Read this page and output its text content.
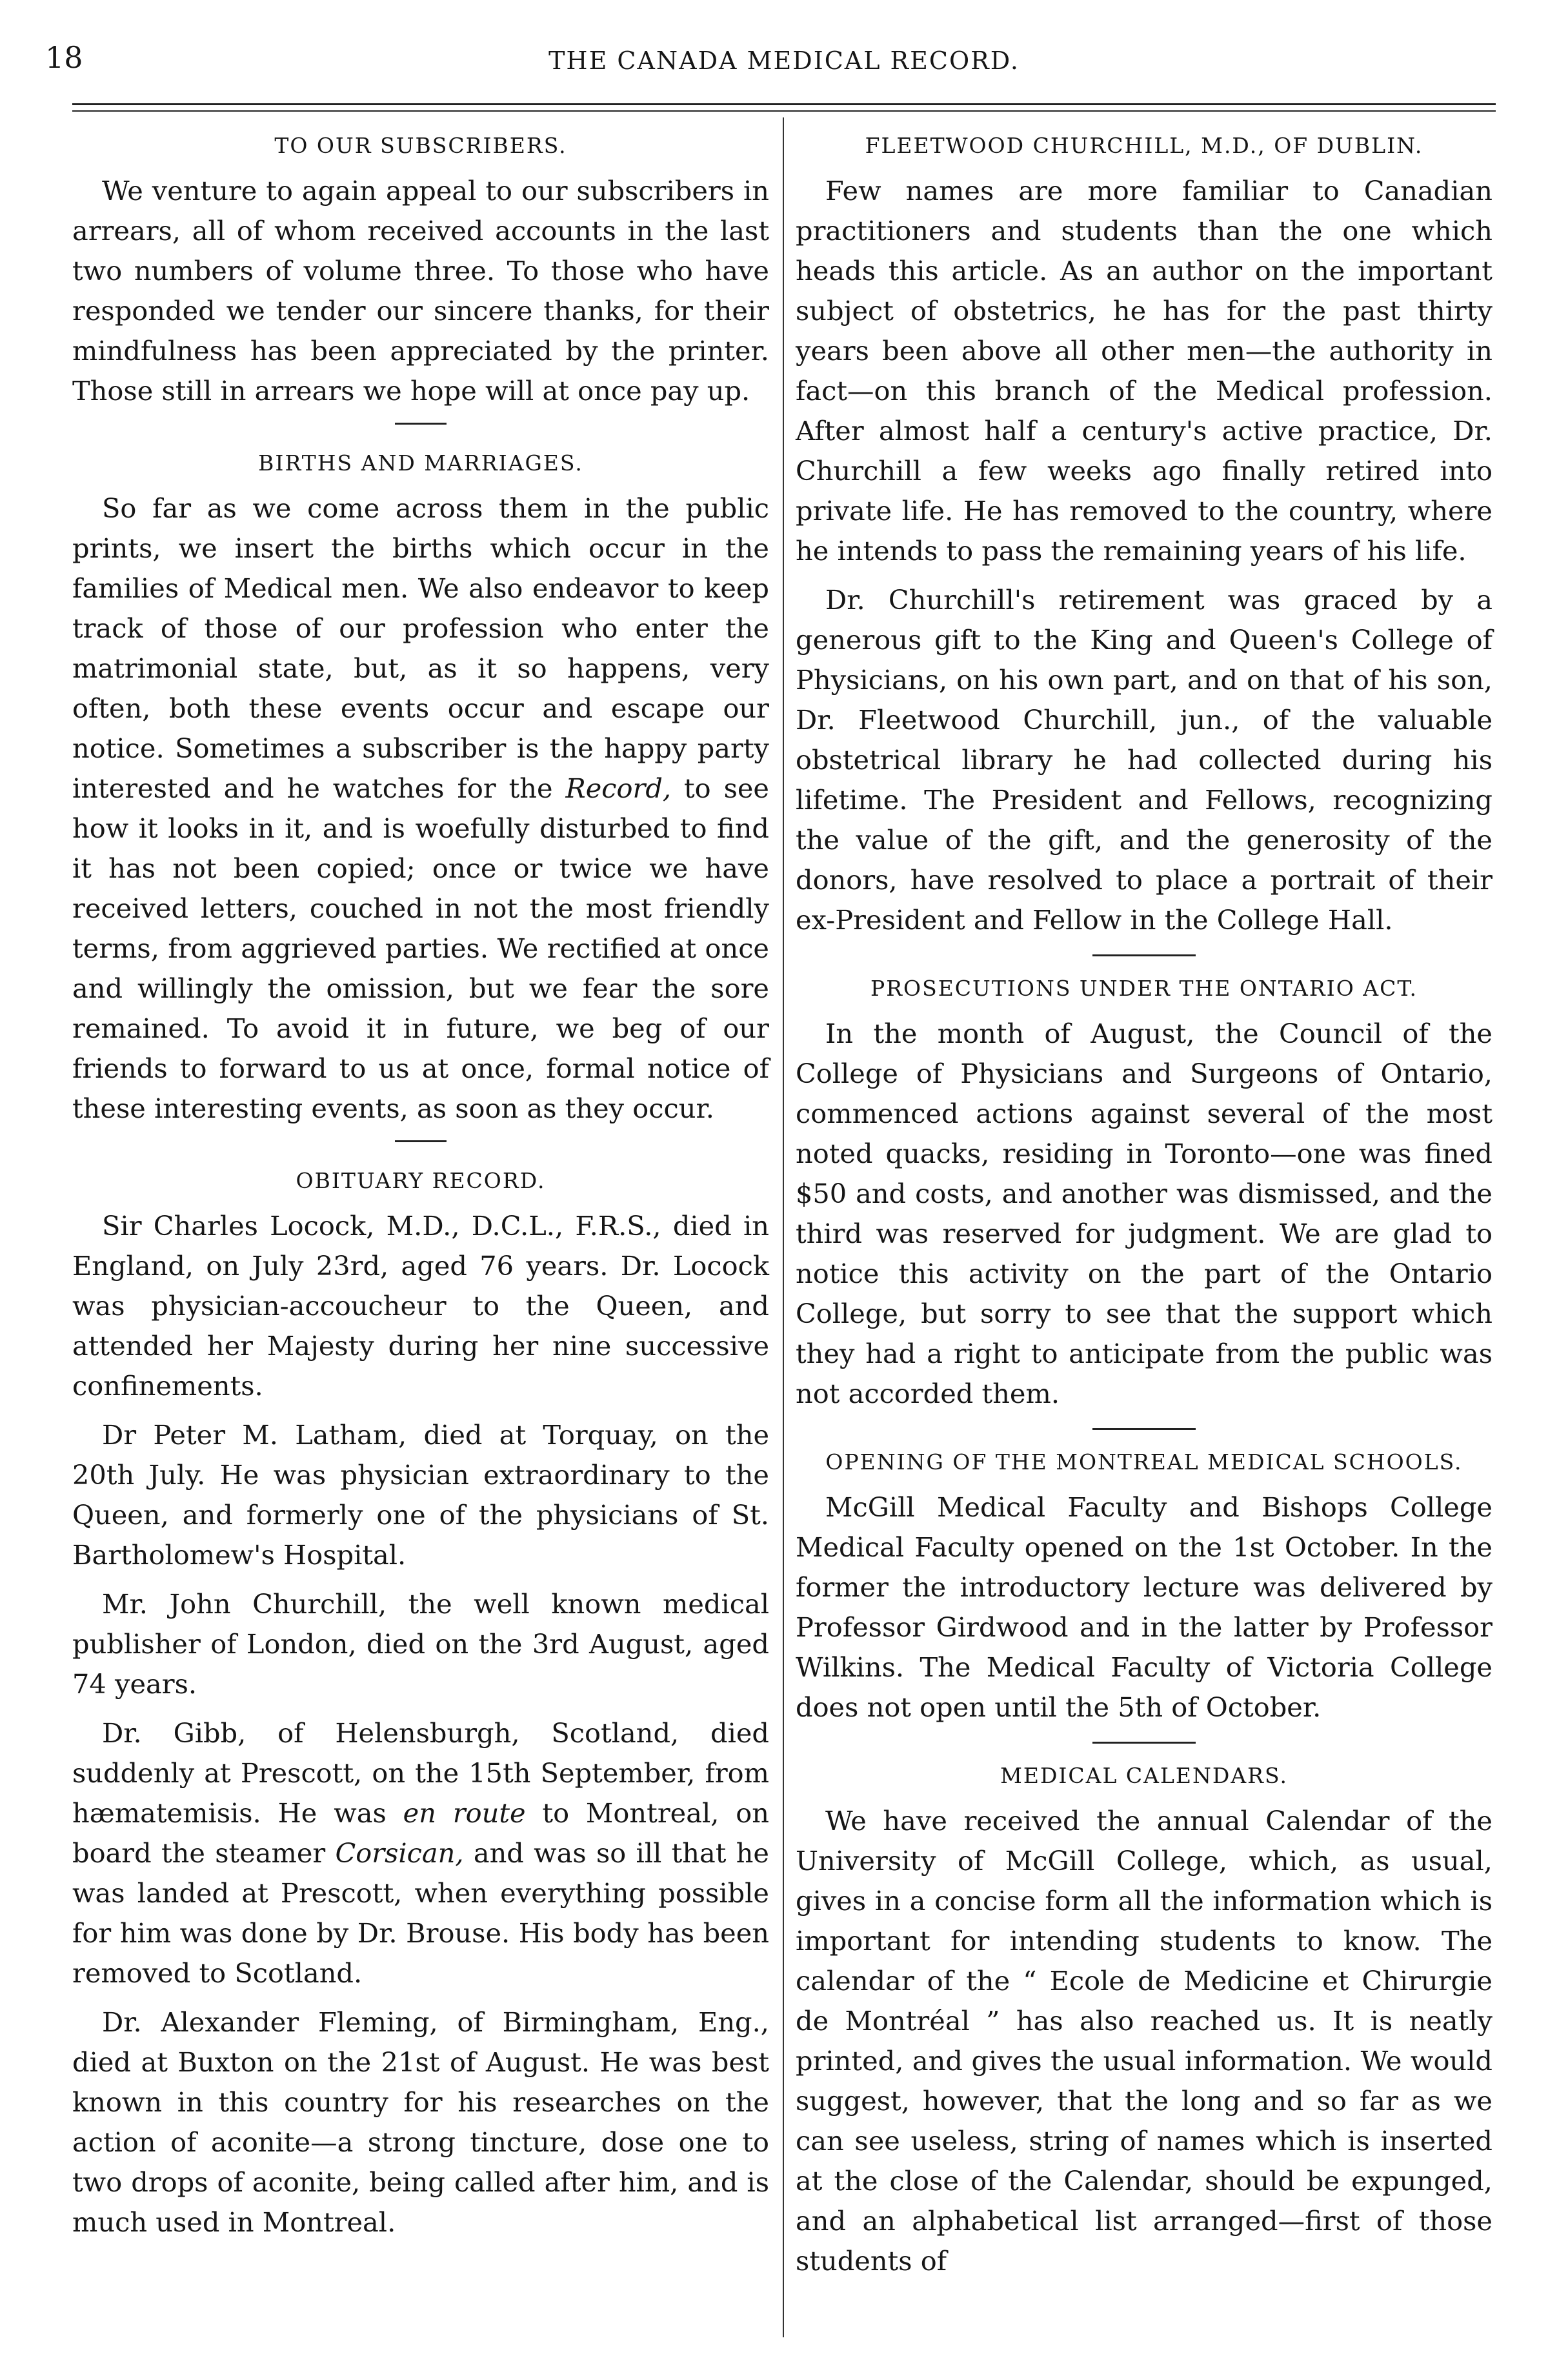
18	THE CANADA MEDICAL RECORD.
TO OUR SUBSCRIBERS.

We venture to again appeal to our subscribers in arrears, all of whom received accounts in the last two numbers of volume three. To those who have responded we tender our sincere thanks, for their mindfulness has been appreciated by the printer. Those still in arrears we hope will at once pay up.

BIRTHS AND MARRIAGES.

So far as we come across them in the public prints, we insert the births which occur in the families of Medical men. We also endeavor to keep track of those of our profession who enter the matrimonial state, but, as it so happens, very often, both these events occur and escape our notice. Sometimes a subscriber is the happy party interested and he watches for the Record, to see how it looks in it, and is woefully disturbed to find it has not been copied; once or twice we have received letters, couched in not the most friendly terms, from aggrieved parties. We rectified at once and willingly the omission, but we fear the sore remained. To avoid it in future, we beg of our friends to forward to us at once, formal notice of these interesting events, as soon as they occur.

OBITUARY RECORD.

Sir Charles Locock, M.D., D.C.L., F.R.S., died in England, on July 23rd, aged 76 years. Dr. Locock was physician-accoucheur to the Queen, and attended her Majesty during her nine successive confinements.

Dr Peter M. Latham, died at Torquay, on the 20th July. He was physician extraordinary to the Queen, and formerly one of the physicians of St. Bartholomew's Hospital.

Mr. John Churchill, the well known medical publisher of London, died on the 3rd August, aged 74 years.

Dr. Gibb, of Helensburgh, Scotland, died suddenly at Prescott, on the 15th September, from hæmatemisis. He was en route to Montreal, on board the steamer Corsican, and was so ill that he was landed at Prescott, when everything possible for him was done by Dr. Brouse. His body has been removed to Scotland.

Dr. Alexander Fleming, of Birmingham, Eng., died at Buxton on the 21st of August. He was best known in this country for his researches on the action of aconite—a strong tincture, dose one to two drops of aconite, being called after him, and is much used in Montreal.

FLEETWOOD CHURCHILL, M.D., OF DUBLIN.

Few names are more familiar to Canadian practitioners and students than the one which heads this article. As an author on the important subject of obstetrics, he has for the past thirty years been above all other men—the authority in fact—on this branch of the Medical profession. After almost half a century's active practice, Dr. Churchill a few weeks ago finally retired into private life. He has removed to the country, where he intends to pass the remaining years of his life.

Dr. Churchill's retirement was graced by a generous gift to the King and Queen's College of Physicians, on his own part, and on that of his son, Dr. Fleetwood Churchill, jun., of the valuable obstetrical library he had collected during his lifetime. The President and Fellows, recognizing the value of the gift, and the generosity of the donors, have resolved to place a portrait of their ex-President and Fellow in the College Hall.

PROSECUTIONS UNDER THE ONTARIO ACT.

In the month of August, the Council of the College of Physicians and Surgeons of Ontario, commenced actions against several of the most noted quacks, residing in Toronto—one was fined $50 and costs, and another was dismissed, and the third was reserved for judgment. We are glad to notice this activity on the part of the Ontario College, but sorry to see that the support which they had a right to anticipate from the public was not accorded them.

OPENING OF THE MONTREAL MEDICAL SCHOOLS.

McGill Medical Faculty and Bishops College Medical Faculty opened on the 1st October. In the former the introductory lecture was delivered by Professor Girdwood and in the latter by Professor Wilkins. The Medical Faculty of Victoria College does not open until the 5th of October.

MEDICAL CALENDARS.

We have received the annual Calendar of the University of McGill College, which, as usual, gives in a concise form all the information which is important for intending students to know. The calendar of the “ Ecole de Medicine et Chirurgie de Montréal ” has also reached us. It is neatly printed, and gives the usual information. We would suggest, however, that the long and so far as we can see useless, string of names which is inserted at the close of the Calendar, should be expunged, and an alphabetical list arranged—first of those students of
